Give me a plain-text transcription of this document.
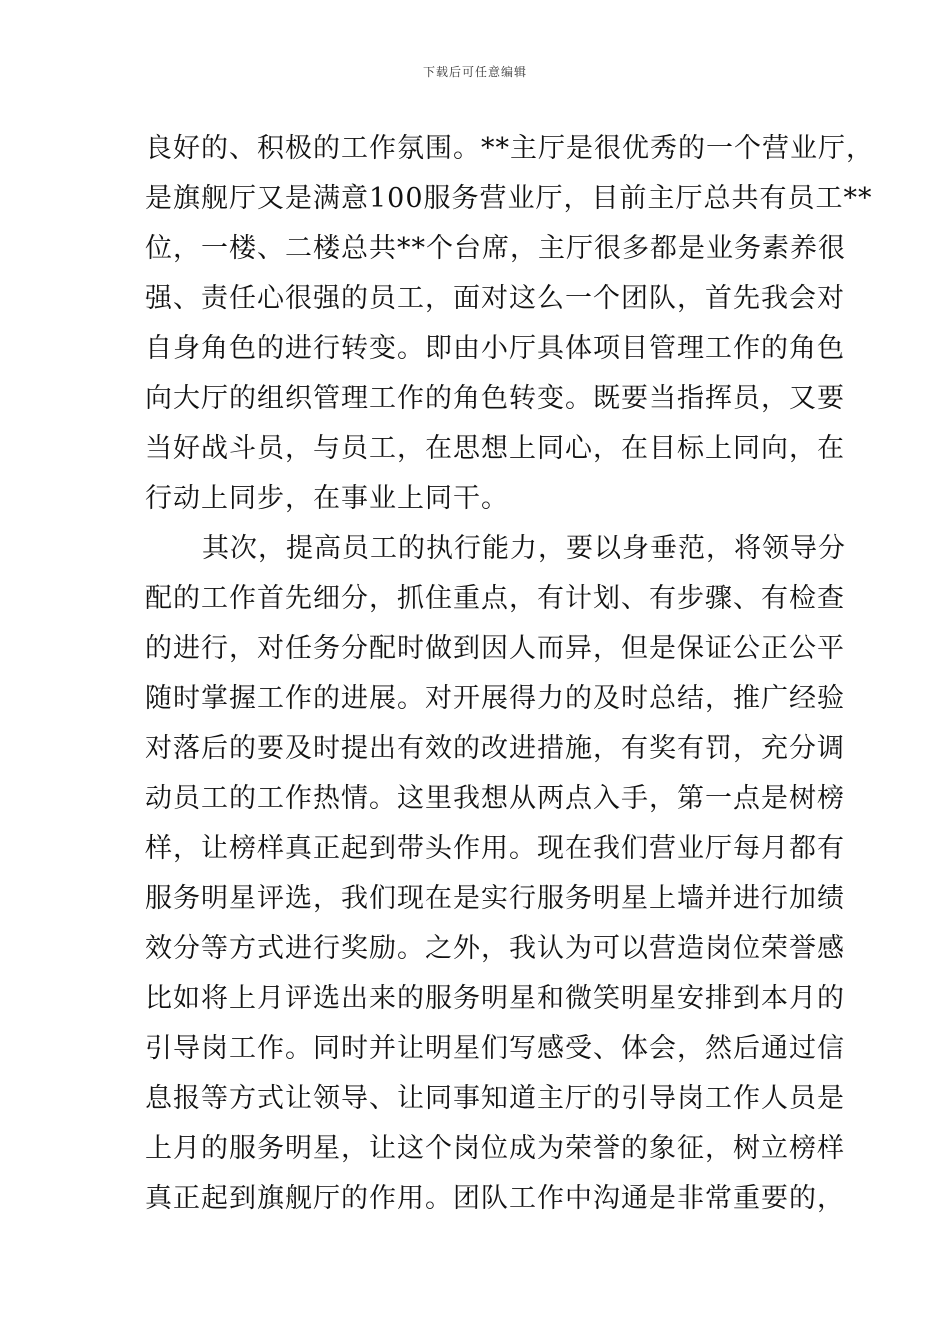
下载后可任意编辑
良好的、积极的工作氛围。**主厅是很优秀的一个营业厅，
是旗舰厅又是满意100服务营业厅，目前主厅总共有员工**
位，一楼、二楼总共**个台席，主厅很多都是业务素养很
强、责任心很强的员工，面对这么一个团队，首先我会对
自身角色的进行转变。即由小厅具体项目管理工作的角色
向大厅的组织管理工作的角色转变。既要当指挥员，又要
当好战斗员，与员工，在思想上同心，在目标上同向，在
行动上同步，在事业上同干。
其次，提高员工的执行能力，要以身垂范，将领导分
配的工作首先细分，抓住重点，有计划、有步骤、有检查
的进行，对任务分配时做到因人而异，但是保证公正公平
随时掌握工作的进展。对开展得力的及时总结，推广经验
对落后的要及时提出有效的改进措施，有奖有罚，充分调
动员工的工作热情。这里我想从两点入手，第一点是树榜
样，让榜样真正起到带头作用。现在我们营业厅每月都有
服务明星评选，我们现在是实行服务明星上墙并进行加绩
效分等方式进行奖励。之外，我认为可以营造岗位荣誉感
比如将上月评选出来的服务明星和微笑明星安排到本月的
引导岗工作。同时并让明星们写感受、体会，然后通过信
息报等方式让领导、让同事知道主厅的引导岗工作人员是
上月的服务明星，让这个岗位成为荣誉的象征，树立榜样
真正起到旗舰厅的作用。团队工作中沟通是非常重要的，
